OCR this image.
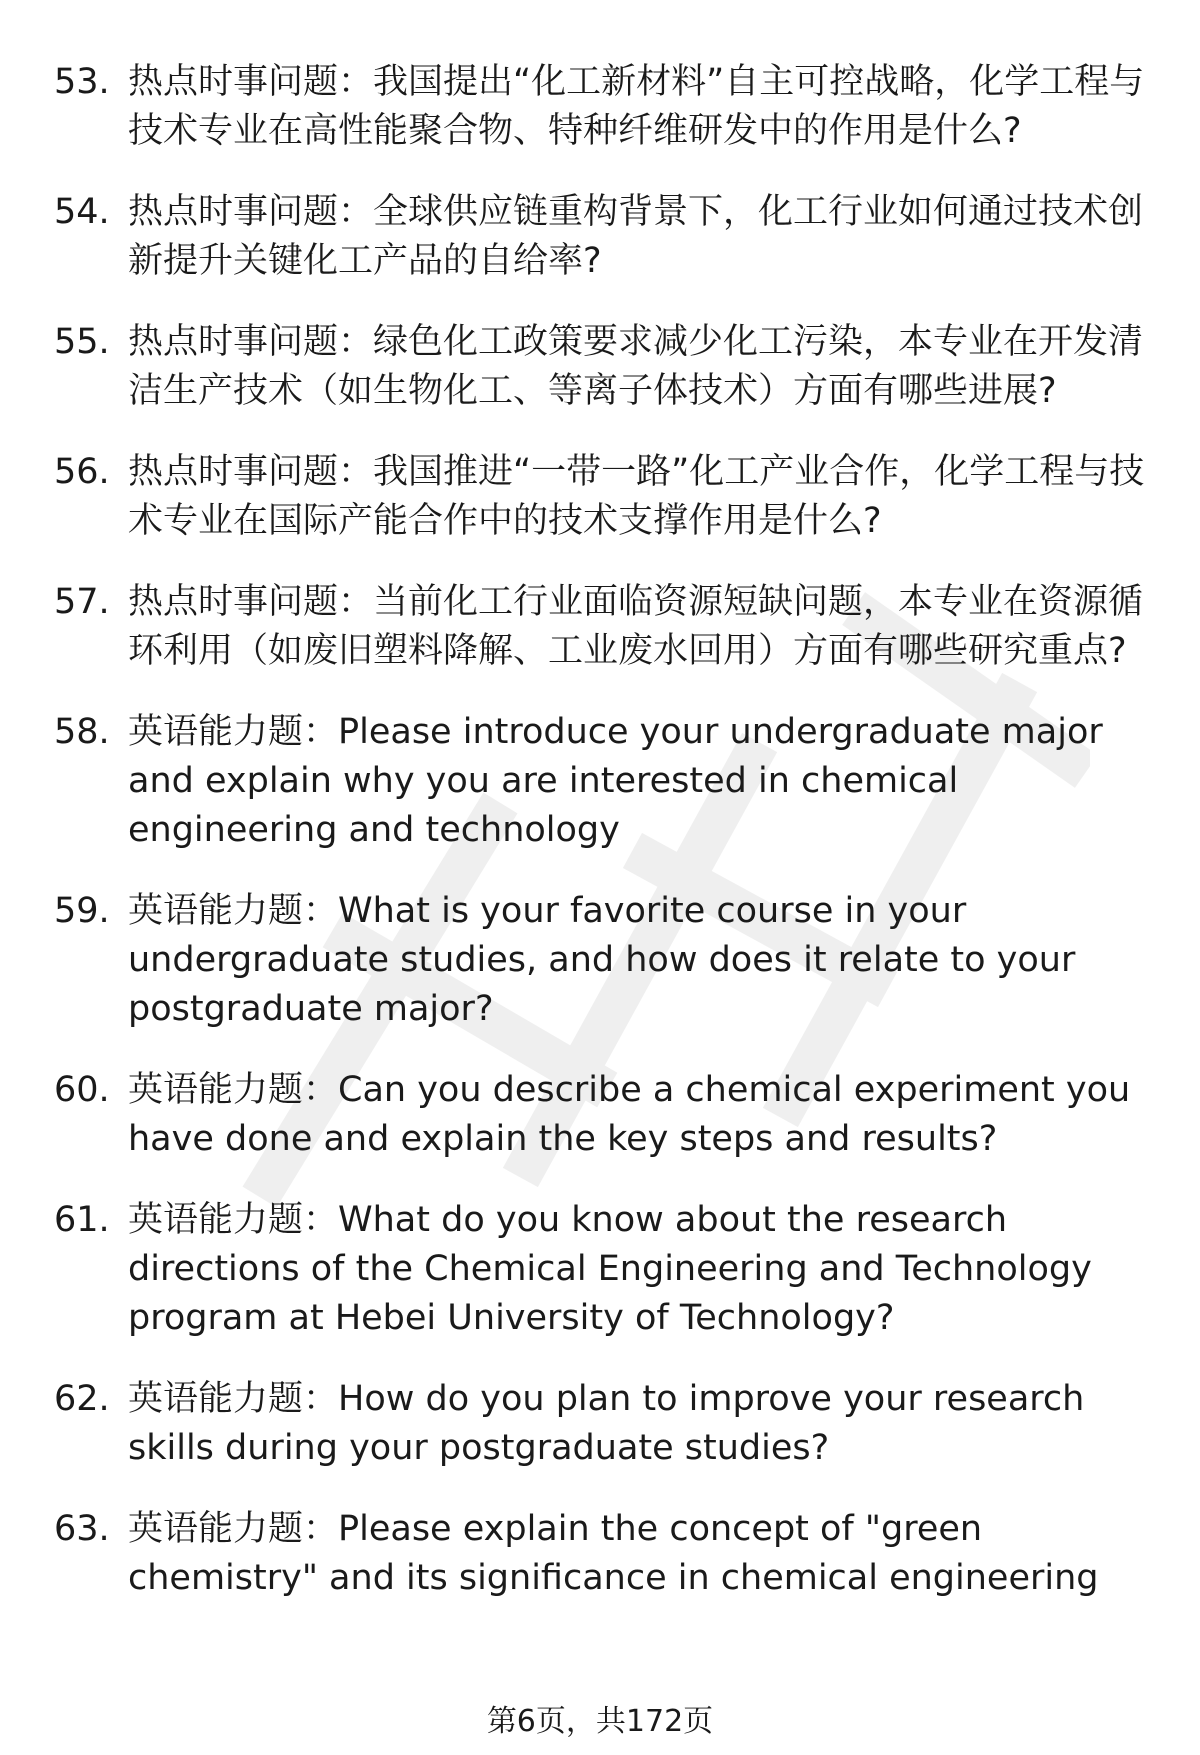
53. 热点时事问题：我国提出“化工新材料”自主可控战略，化学工程与技术专业在高性能聚合物、特种纤维研发中的作用是什么?
54. 热点时事问题：全球供应链重构背景下，化工行业如何通过技术创新提升关键化工产品的自给率?
55. 热点时事问题：绿色化工政策要求减少化工污染，本专业在开发清洁生产技术（如生物化工、等离子体技术）方面有哪些进展?
56. 热点时事问题：我国推进“一带一路”化工产业合作，化学工程与技术专业在国际产能合作中的技术支撑作用是什么?
57. 热点时事问题：当前化工行业面临资源短缺问题，本专业在资源循环利用（如废旧塑料降解、工业废水回用）方面有哪些研究重点?
58. 英语能力题：Please introduce your undergraduate major and explain why you are interested in chemical engineering and technology
59. 英语能力题：What is your favorite course in your undergraduate studies, and how does it relate to your postgraduate major?
60. 英语能力题：Can you describe a chemical experiment you have done and explain the key steps and results?
61. 英语能力题：What do you know about the research directions of the Chemical Engineering and Technology program at Hebei University of Technology?
62. 英语能力题：How do you plan to improve your research skills during your postgraduate studies?
63. 英语能力题：Please explain the concept of "green chemistry" and its significance in chemical engineering
第6页，共172页
